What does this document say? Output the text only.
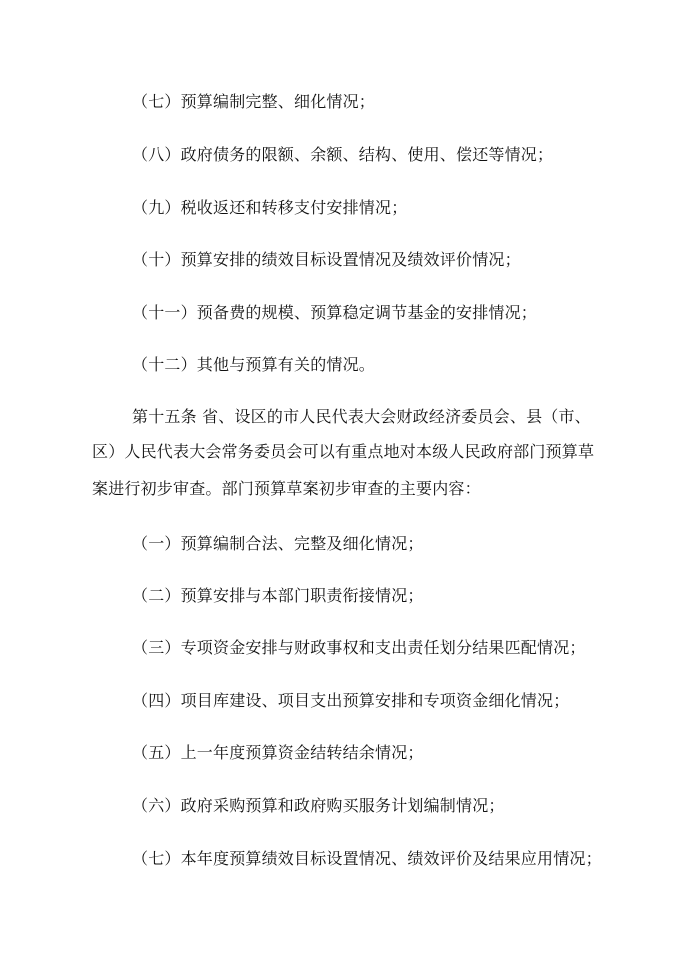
（七）预算编制完整、细化情况；
（八）政府债务的限额、余额、结构、使用、偿还等情况；
（九）税收返还和转移支付安排情况；
（十）预算安排的绩效目标设置情况及绩效评价情况；
（十一）预备费的规模、预算稳定调节基金的安排情况；
（十二）其他与预算有关的情况。
第十五条 省、设区的市人民代表大会财政经济委员会、县（市、
区）人民代表大会常务委员会可以有重点地对本级人民政府部门预算草
案进行初步审查。部门预算草案初步审查的主要内容：
（一）预算编制合法、完整及细化情况；
（二）预算安排与本部门职责衔接情况；
（三）专项资金安排与财政事权和支出责任划分结果匹配情况；
（四）项目库建设、项目支出预算安排和专项资金细化情况；
（五）上一年度预算资金结转结余情况；
（六）政府采购预算和政府购买服务计划编制情况；
（七）本年度预算绩效目标设置情况、绩效评价及结果应用情况；
